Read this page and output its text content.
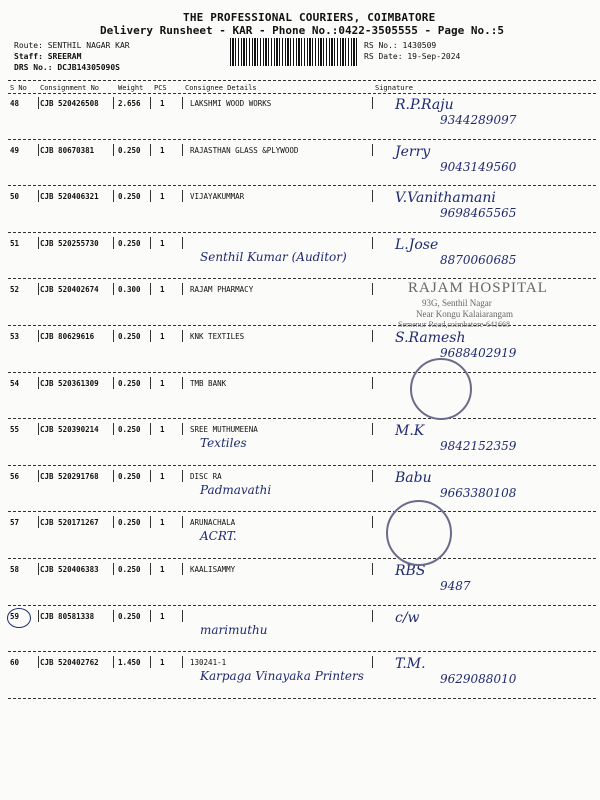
THE PROFESSIONAL COURIERS, COIMBATORE
Delivery Runsheet - KAR - Phone No.:0422-3505555 - Page No.:5
Route: SENTHIL NAGAR KAR
Staff: SREERAM
DRS No.: DCJB14305090S
RS No.: 1430509
RS Date: 19-Sep-2024
S No Consignment No	Weight PCS	Consignee Details	Signature
48	CJB 520426508	2.656	1	LAKSHMI WOOD WORKS	R.P.Raju
9344289097
49	CJB 80670381	0.250	1	RAJASTHAN GLASS &PLYWOOD	Jerry
9043149560
50	CJB 520406321	0.250	1	VIJAYAKUMMAR	V.Vanithamani
9698465565
51	CJB 520255730	0.250	1
Senthil Kumar (Auditor)
L.Jose
8870060685
52	CJB 520402674	0.300	1	RAJAM PHARMACY
53	CJB 80629616	0.250	1	KNK TEXTILES	S.Ramesh
9688402919
54	CJB 520361309	0.250	1	TMB BANK
55	CJB 520390214	0.250	1	SREE MUTHUMEENA
Textiles
M.K
9842152359
56	CJB 520291768	0.250	1	DISC RA
Padmavathi
Babu
9663380108
57	CJB 520171267	0.250	1	ARUNACHALA
ACRT.
58	CJB 520406383	0.250	1	KAALISAMMY	RBS
9487
59	CJB 80581338	0.250	1
marimuthu
c/w
60	CJB 520402762	1.450	1	130241-1
Karpaga Vinayaka Printers
T.M.
9629088010
RAJAM HOSPITAL
93G, Senthil Nagar
Near Kongu Kalaiarangam
Semenur Road,coimbatore-641668
